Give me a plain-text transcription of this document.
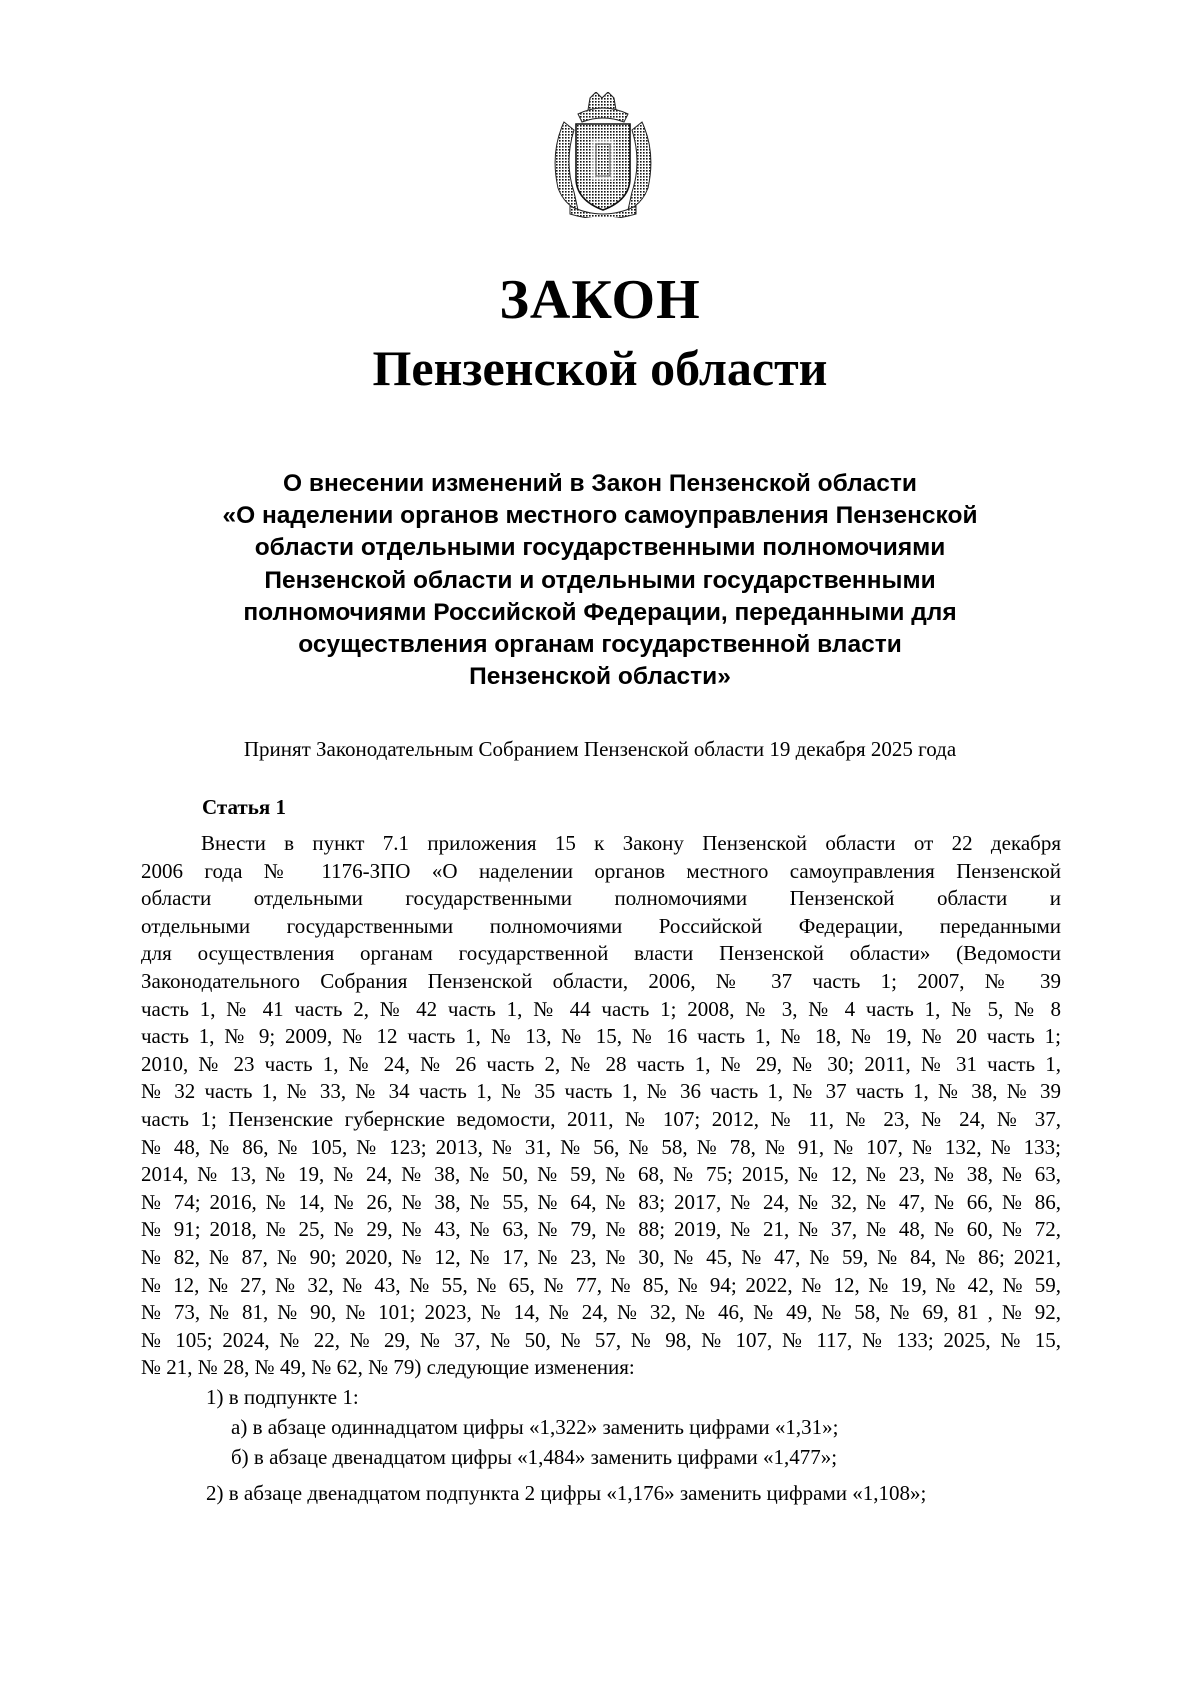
ЗАКОН
Пензенской области
О внесении изменений в Закон Пензенской области
«О наделении органов местного самоуправления Пензенской
области отдельными государственными полномочиями
Пензенской области и отдельными государственными
полномочиями Российской Федерации, переданными для
осуществления органам государственной власти
Пензенской области»
Принят Законодательным Собранием Пензенской области 19 декабря 2025 года
Статья 1
Внести в пункт 7.1 приложения 15 к Закону Пензенской области от 22 декабря
2006 года № 1176-ЗПО «О наделении органов местного самоуправления Пензенской
области отдельными государственными полномочиями Пензенской области и
отдельными государственными полномочиями Российской Федерации, переданными
для осуществления органам государственной власти Пензенской области» (Ведомости
Законодательного Собрания Пензенской области, 2006, № 37 часть 1; 2007, № 39
часть 1, № 41 часть 2, № 42 часть 1, № 44 часть 1; 2008, № 3, № 4 часть 1, № 5, № 8
часть 1, № 9; 2009, № 12 часть 1, № 13, № 15, № 16 часть 1, № 18, № 19, № 20 часть 1;
2010, № 23 часть 1, № 24, № 26 часть 2, № 28 часть 1, № 29, № 30; 2011, № 31 часть 1,
№ 32 часть 1, № 33, № 34 часть 1, № 35 часть 1, № 36 часть 1, № 37 часть 1, № 38, № 39
часть 1; Пензенские губернские ведомости, 2011, № 107; 2012, № 11, № 23, № 24, № 37,
№ 48, № 86, № 105, № 123; 2013, № 31, № 56, № 58, № 78, № 91, № 107, № 132, № 133;
2014, № 13, № 19, № 24, № 38, № 50, № 59, № 68, № 75; 2015, № 12, № 23, № 38, № 63,
№ 74; 2016, № 14, № 26, № 38, № 55, № 64, № 83; 2017, № 24, № 32, № 47, № 66, № 86,
№ 91; 2018, № 25, № 29, № 43, № 63, № 79, № 88; 2019, № 21, № 37, № 48, № 60, № 72,
№ 82, № 87, № 90; 2020, № 12, № 17, № 23, № 30, № 45, № 47, № 59, № 84, № 86; 2021,
№ 12, № 27, № 32, № 43, № 55, № 65, № 77, № 85, № 94; 2022, № 12, № 19, № 42, № 59,
№ 73, № 81, № 90, № 101; 2023, № 14, № 24, № 32, № 46, № 49, № 58, № 69, 81 , № 92,
№ 105; 2024, № 22, № 29, № 37, № 50, № 57, № 98, № 107, № 117, № 133; 2025, № 15,
№ 21, № 28, № 49, № 62, № 79) следующие изменения:
1) в подпункте 1:
а) в абзаце одиннадцатом цифры «1,322» заменить цифрами «1,31»;
б) в абзаце двенадцатом цифры «1,484» заменить цифрами «1,477»;
2) в абзаце двенадцатом подпункта 2 цифры «1,176» заменить цифрами «1,108»;
